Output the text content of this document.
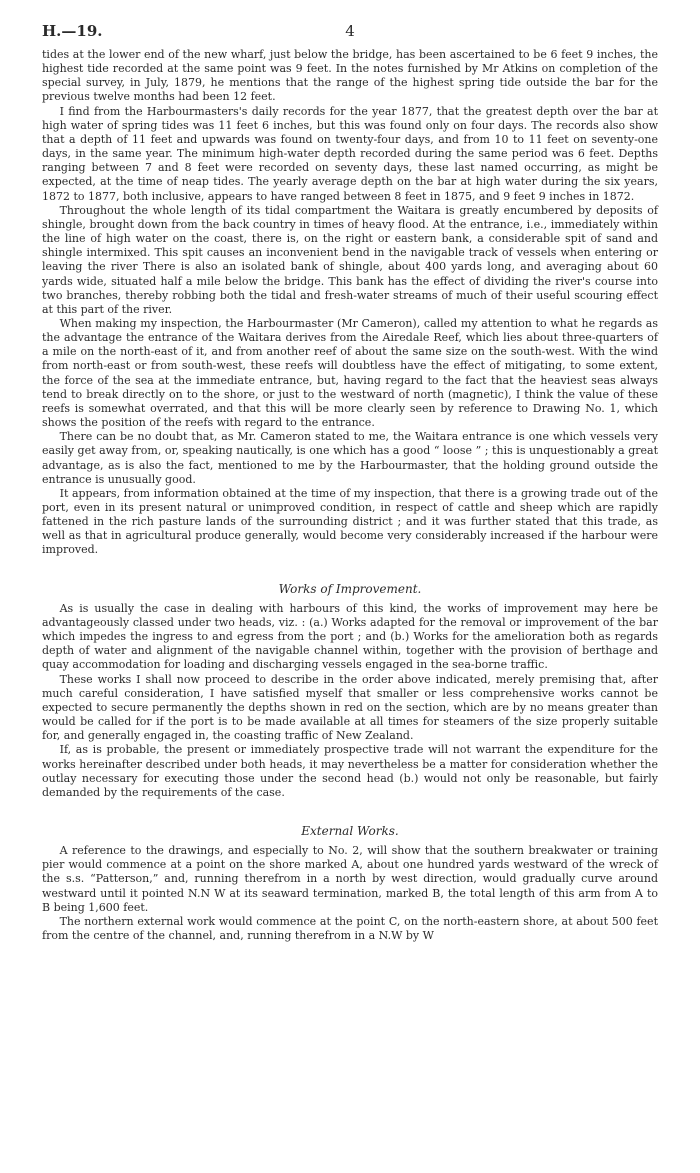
H.—19.	4

tides at the lower end of the new wharf, just below the bridge, has been ascertained to be 6 feet 9 inches, the highest tide recorded at the same point was 9 feet. In the notes furnished by Mr Atkins on completion of the special survey, in July, 1879, he mentions that the range of the highest spring tide outside the bar for the previous twelve months had been 12 feet.

I find from the Harbourmasters's daily records for the year 1877, that the greatest depth over the bar at high water of spring tides was 11 feet 6 inches, but this was found only on four days. The records also show that a depth of 11 feet and upwards was found on twenty-four days, and from 10 to 11 feet on seventy-one days, in the same year. The minimum high-water depth recorded during the same period was 6 feet. Depths ranging between 7 and 8 feet were recorded on seventy days, these last named occurring, as might be expected, at the time of neap tides. The yearly average depth on the bar at high water during the six years, 1872 to 1877, both inclusive, appears to have ranged between 8 feet in 1875, and 9 feet 9 inches in 1872.

Throughout the whole length of its tidal compartment the Waitara is greatly encumbered by deposits of shingle, brought down from the back country in times of heavy flood. At the entrance, i.e., immediately within the line of high water on the coast, there is, on the right or eastern bank, a considerable spit of sand and shingle intermixed. This spit causes an inconvenient bend in the navigable track of vessels when entering or leaving the river There is also an isolated bank of shingle, about 400 yards long, and averaging about 60 yards wide, situated half a mile below the bridge. This bank has the effect of dividing the river's course into two branches, thereby robbing both the tidal and fresh-water streams of much of their useful scouring effect at this part of the river.

When making my inspection, the Harbourmaster (Mr Cameron), called my attention to what he regards as the advantage the entrance of the Waitara derives from the Airedale Reef, which lies about three-quarters of a mile on the north-east of it, and from another reef of about the same size on the south-west. With the wind from north-east or from south-west, these reefs will doubtless have the effect of mitigating, to some extent, the force of the sea at the immediate entrance, but, having regard to the fact that the heaviest seas always tend to break directly on to the shore, or just to the westward of north (magnetic), I think the value of these reefs is somewhat overrated, and that this will be more clearly seen by reference to Drawing No. 1, which shows the position of the reefs with regard to the entrance.

There can be no doubt that, as Mr. Cameron stated to me, the Waitara entrance is one which vessels very easily get away from, or, speaking nautically, is one which has a good “ loose ” ; this is unquestionably a great advantage, as is also the fact, mentioned to me by the Harbourmaster, that the holding ground outside the entrance is unusually good.

It appears, from information obtained at the time of my inspection, that there is a growing trade out of the port, even in its present natural or unimproved condition, in respect of cattle and sheep which are rapidly fattened in the rich pasture lands of the surrounding district ; and it was further stated that this trade, as well as that in agricultural produce generally, would become very considerably increased if the harbour were improved.

Works of Improvement.

As is usually the case in dealing with harbours of this kind, the works of improvement may here be advantageously classed under two heads, viz. : (a.) Works adapted for the removal or improvement of the bar which impedes the ingress to and egress from the port ; and (b.) Works for the amelioration both as regards depth of water and alignment of the navigable channel within, together with the provision of berthage and quay accommodation for loading and discharging vessels engaged in the sea-borne traffic.

These works I shall now proceed to describe in the order above indicated, merely premising that, after much careful consideration, I have satisfied myself that smaller or less comprehensive works cannot be expected to secure permanently the depths shown in red on the section, which are by no means greater than would be called for if the port is to be made available at all times for steamers of the size properly suitable for, and generally engaged in, the coasting traffic of New Zealand.

If, as is probable, the present or immediately prospective trade will not warrant the expenditure for the works hereinafter described under both heads, it may nevertheless be a matter for consideration whether the outlay necessary for executing those under the second head (b.) would not only be reasonable, but fairly demanded by the requirements of the case.

External Works.

A reference to the drawings, and especially to No. 2, will show that the southern breakwater or training pier would commence at a point on the shore marked A, about one hundred yards westward of the wreck of the s.s. “Patterson,” and, running therefrom in a north by west direction, would gradually curve around westward until it pointed N.N W at its seaward termination, marked B, the total length of this arm from A to B being 1,600 feet.

The northern external work would commence at the point C, on the north-eastern shore, at about 500 feet from the centre of the channel, and, running therefrom in a N.W by W
